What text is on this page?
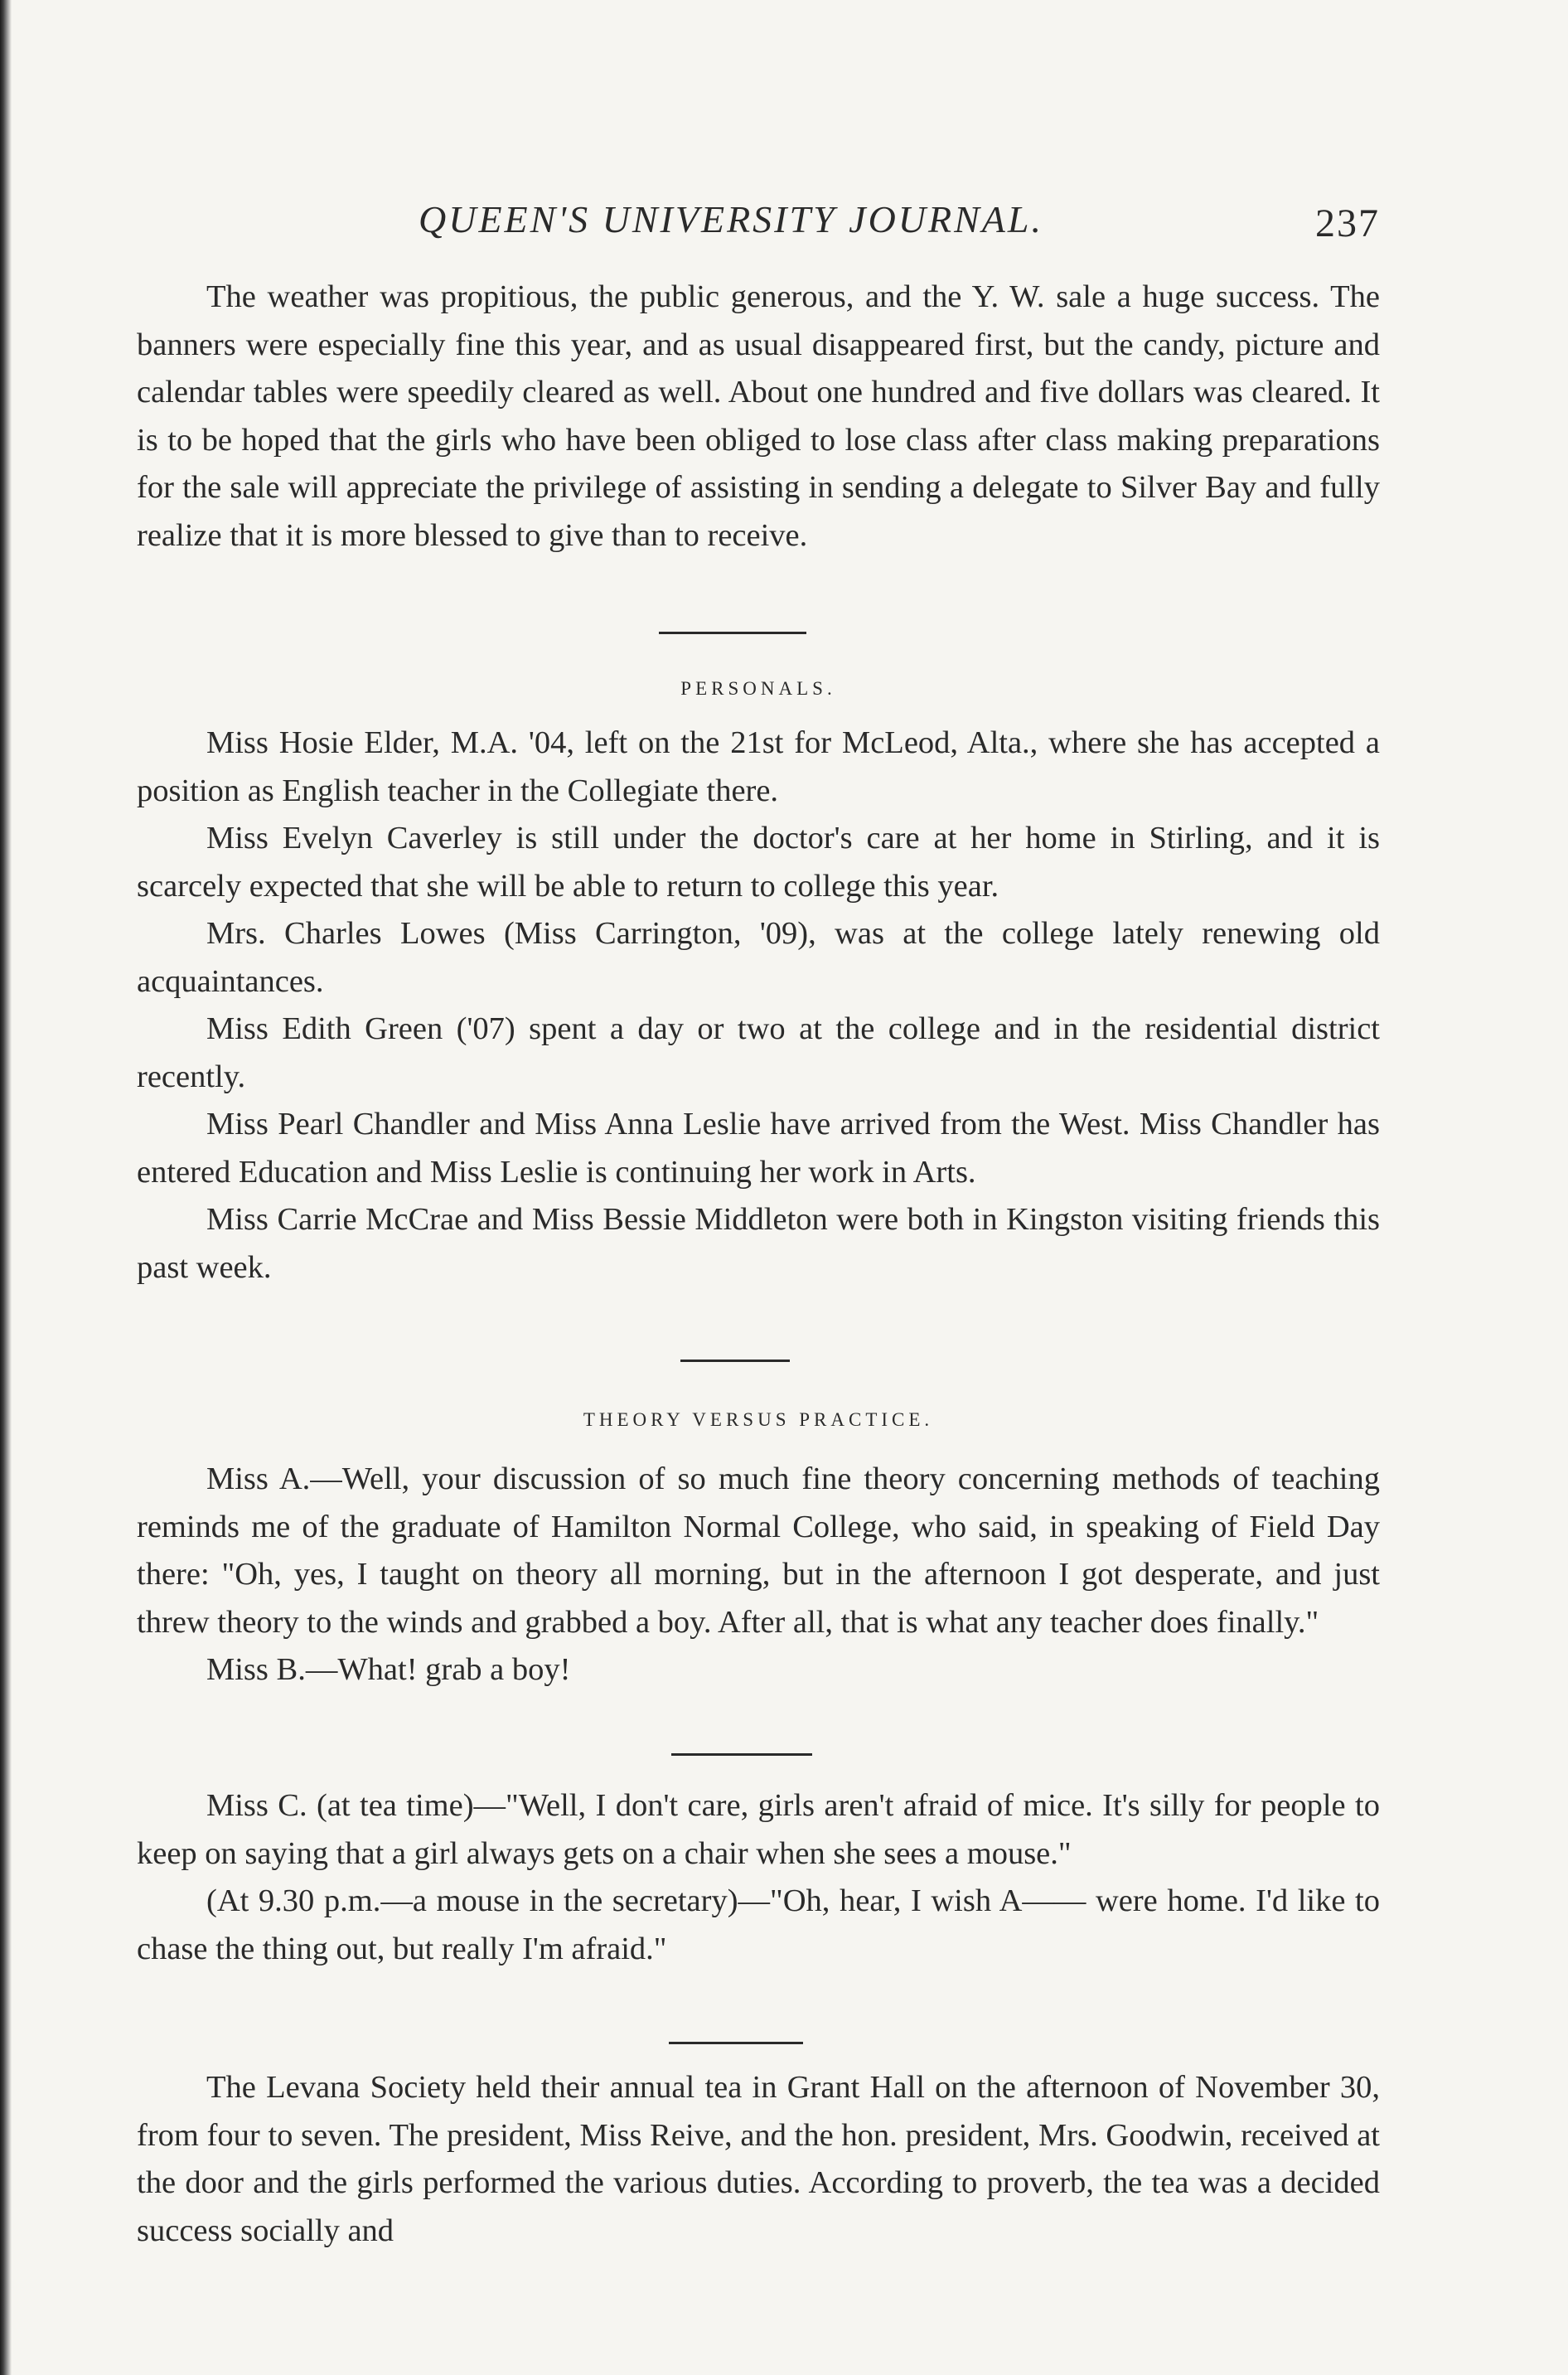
QUEEN'S UNIVERSITY JOURNAL.	237

The weather was propitious, the public generous, and the Y. W. sale a huge success. The banners were especially fine this year, and as usual disappeared first, but the candy, picture and calendar tables were speedily cleared as well. About one hundred and five dollars was cleared. It is to be hoped that the girls who have been obliged to lose class after class making preparations for the sale will appreciate the privilege of assisting in sending a delegate to Silver Bay and fully realize that it is more blessed to give than to receive.

PERSONALS.

Miss Hosie Elder, M.A. '04, left on the 21st for McLeod, Alta., where she has accepted a position as English teacher in the Collegiate there.

Miss Evelyn Caverley is still under the doctor's care at her home in Stirling, and it is scarcely expected that she will be able to return to college this year.

Mrs. Charles Lowes (Miss Carrington, '09), was at the college lately renewing old acquaintances.

Miss Edith Green ('07) spent a day or two at the college and in the residential district recently.

Miss Pearl Chandler and Miss Anna Leslie have arrived from the West. Miss Chandler has entered Education and Miss Leslie is continuing her work in Arts.

Miss Carrie McCrae and Miss Bessie Middleton were both in Kingston visiting friends this past week.

THEORY VERSUS PRACTICE.

Miss A.—Well, your discussion of so much fine theory concerning methods of teaching reminds me of the graduate of Hamilton Normal College, who said, in speaking of Field Day there: "Oh, yes, I taught on theory all morning, but in the afternoon I got desperate, and just threw theory to the winds and grabbed a boy. After all, that is what any teacher does finally."

Miss B.—What! grab a boy!

Miss C. (at tea time)—"Well, I don't care, girls aren't afraid of mice. It's silly for people to keep on saying that a girl always gets on a chair when she sees a mouse."

(At 9.30 p.m.—a mouse in the secretary)—"Oh, hear, I wish A—— were home. I'd like to chase the thing out, but really I'm afraid."

The Levana Society held their annual tea in Grant Hall on the afternoon of November 30, from four to seven. The president, Miss Reive, and the hon. president, Mrs. Goodwin, received at the door and the girls performed the various duties. According to proverb, the tea was a decided success socially and
